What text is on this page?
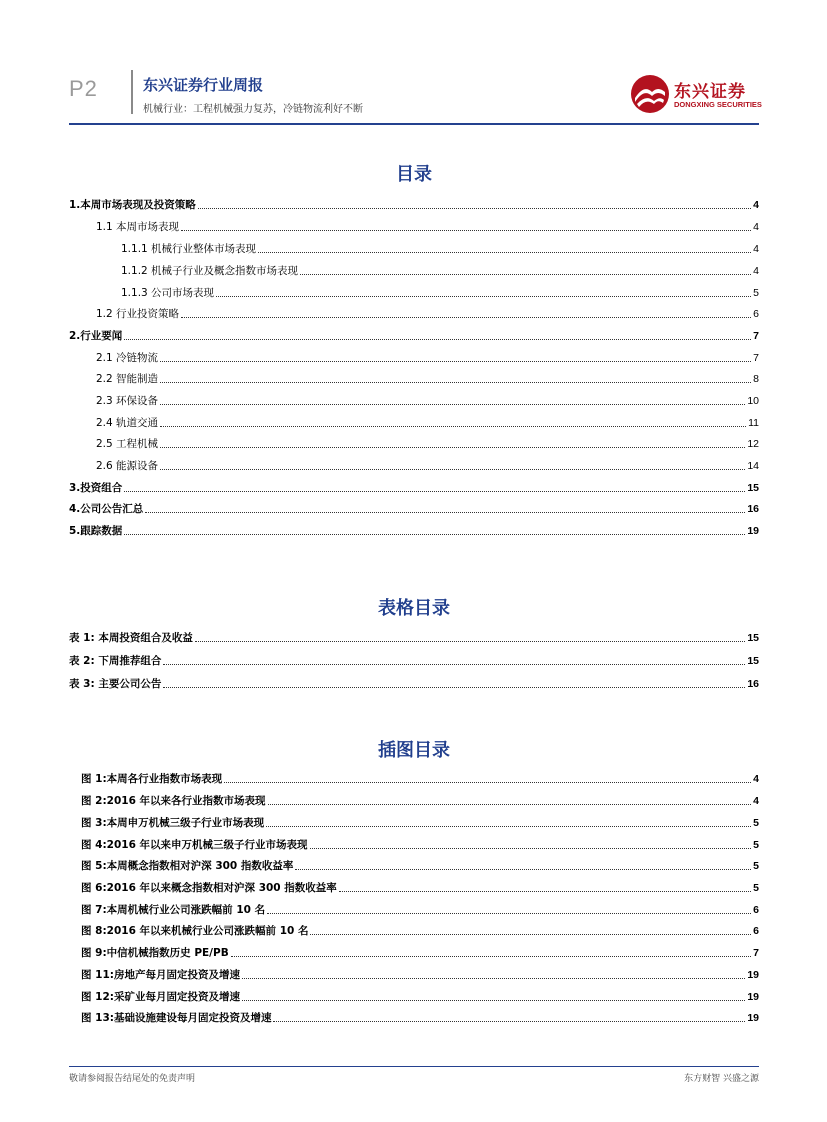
P2	东兴证券行业周报
机械行业：工程机械强力复苏，冷链物流利好不断
东兴证券
DONGXING SECURITIES
目录
1.本周市场表现及投资策略	4
1.1 本周市场表现	4
1.1.1 机械行业整体市场表现	4
1.1.2 机械子行业及概念指数市场表现	4
1.1.3 公司市场表现	5
1.2 行业投资策略	6
2.行业要闻	7
2.1 冷链物流	7
2.2 智能制造	8
2.3 环保设备	10
2.4 轨道交通	11
2.5 工程机械	12
2.6 能源设备	14
3.投资组合	15
4.公司公告汇总	16
5.跟踪数据	19
表格目录
表 1: 本周投资组合及收益	15
表 2: 下周推荐组合	15
表 3: 主要公司公告	16
插图目录
图 1:本周各行业指数市场表现	4
图 2:2016 年以来各行业指数市场表现	4
图 3:本周申万机械三级子行业市场表现	5
图 4:2016 年以来申万机械三级子行业市场表现	5
图 5:本周概念指数相对沪深 300 指数收益率	5
图 6:2016 年以来概念指数相对沪深 300 指数收益率	5
图 7:本周机械行业公司涨跌幅前 10 名	6
图 8:2016 年以来机械行业公司涨跌幅前 10 名	6
图 9:中信机械指数历史 PE/PB	7
图 11:房地产每月固定投资及增速	19
图 12:采矿业每月固定投资及增速	19
图 13:基础设施建设每月固定投资及增速	19
敬请参阅报告结尾处的免责声明	东方财智 兴盛之源
